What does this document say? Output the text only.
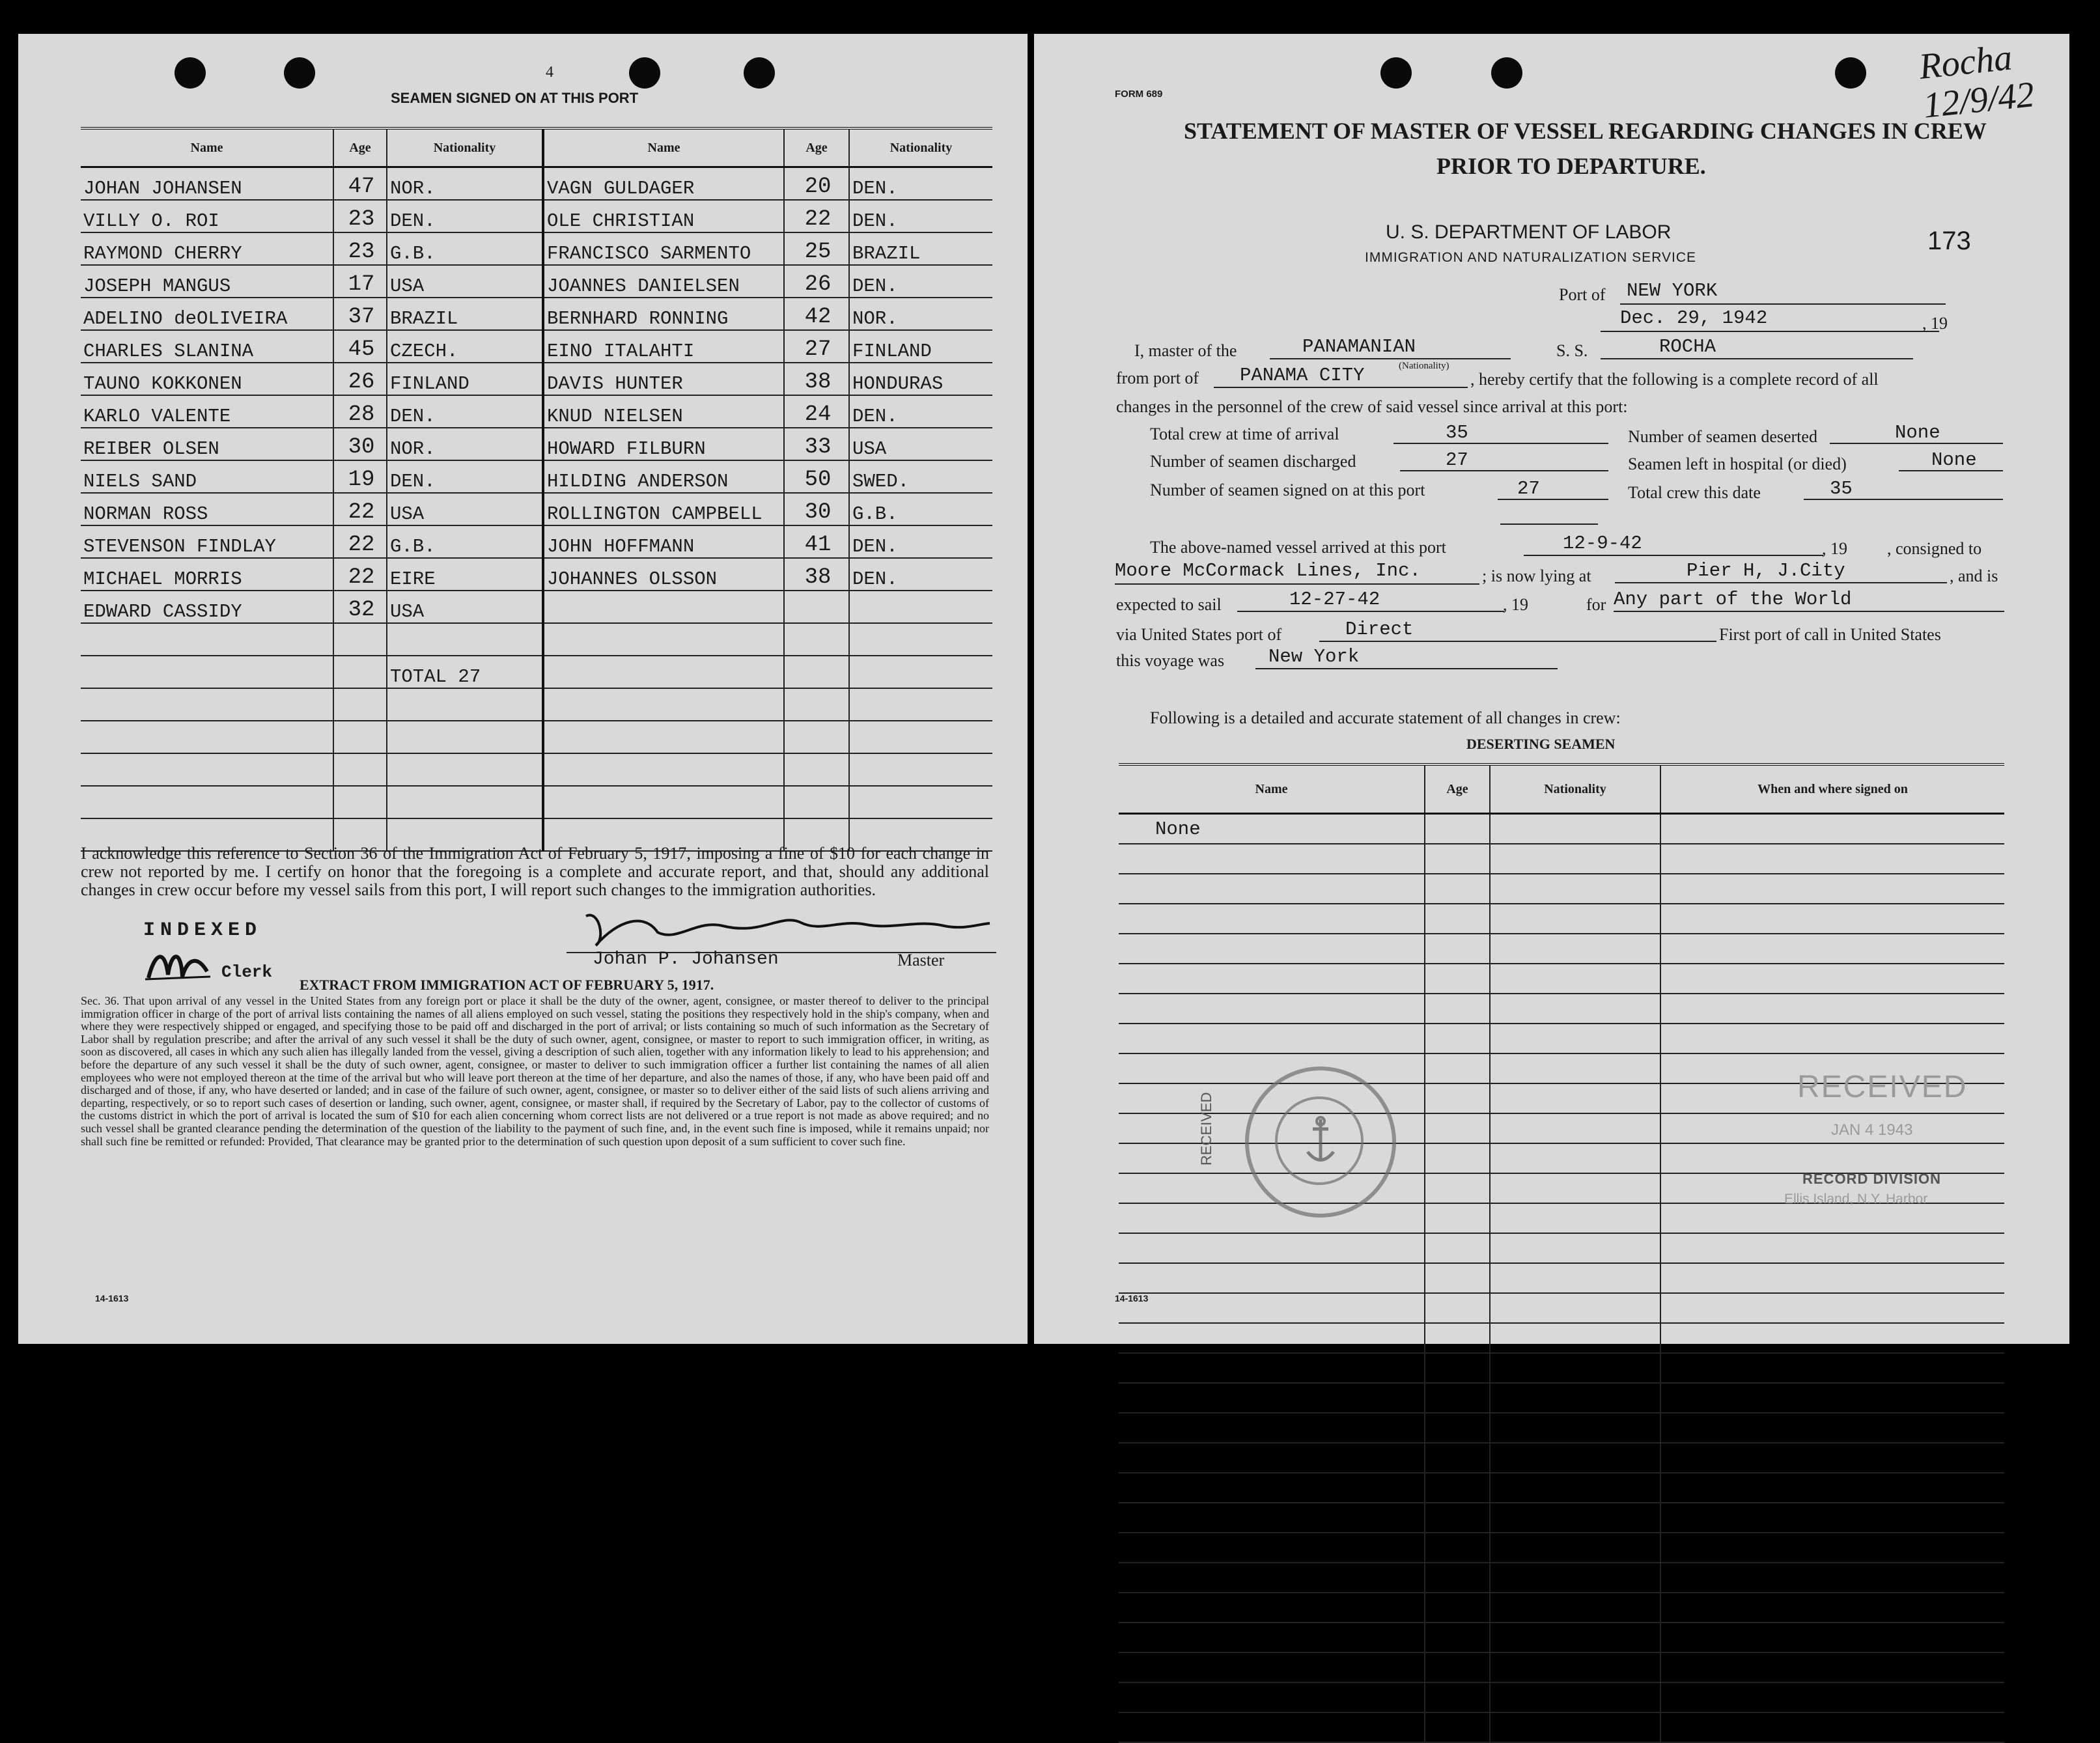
4
SEAMEN SIGNED ON AT THIS PORT
Name	Age	Nationality	Name	Age	Nationality
JOHAN JOHANSEN	47	NOR.	VAGN GULDAGER	20	DEN.
VILLY O. ROI	23	DEN.	OLE CHRISTIAN	22	DEN.
RAYMOND CHERRY	23	G.B.	FRANCISCO SARMENTO	25	BRAZIL
JOSEPH MANGUS	17	USA	JOANNES DANIELSEN	26	DEN.
ADELINO deOLIVEIRA	37	BRAZIL	BERNHARD RONNING	42	NOR.
CHARLES SLANINA	45	CZECH.	EINO ITALAHTI	27	FINLAND
TAUNO KOKKONEN	26	FINLAND	DAVIS HUNTER	38	HONDURAS
KARLO VALENTE	28	DEN.	KNUD NIELSEN	24	DEN.
REIBER OLSEN	30	NOR.	HOWARD FILBURN	33	USA
NIELS SAND	19	DEN.	HILDING ANDERSON	50	SWED.
NORMAN ROSS	22	USA	ROLLINGTON CAMPBELL	30	G.B.
STEVENSON FINDLAY	22	G.B.	JOHN HOFFMANN	41	DEN.
MICHAEL MORRIS	22	EIRE	JOHANNES OLSSON	38	DEN.
EDWARD CASSIDY	32	USA			

		TOTAL 27			

I acknowledge this reference to Section 36 of the Immigration Act of February 5, 1917, imposing a fine of $10 for each change in crew not reported by me. I certify on honor that the foregoing is a complete and accurate report, and that, should any additional changes in crew occur before my vessel sails from this port, I will report such changes to the immigration authorities.
INDEXED
Clerk
Johan P. Johansen	Master
EXTRACT FROM IMMIGRATION ACT OF FEBRUARY 5, 1917.
Sec. 36. That upon arrival of any vessel in the United States from any foreign port or place it shall be the duty of the owner, agent, consignee, or master thereof to deliver to the principal immigration officer in charge of the port of arrival lists containing the names of all aliens employed on such vessel, stating the positions they respectively hold in the ship's company, when and where they were respectively shipped or engaged, and specifying those to be paid off and discharged in the port of arrival; or lists containing so much of such information as the Secretary of Labor shall by regulation prescribe; and after the arrival of any such vessel it shall be the duty of such owner, agent, consignee, or master to report to such immigration officer, in writing, as soon as discovered, all cases in which any such alien has illegally landed from the vessel, giving a description of such alien, together with any information likely to lead to his apprehension; and before the departure of any such vessel it shall be the duty of such owner, agent, consignee, or master to deliver to such immigration officer a further list containing the names of all alien employees who were not employed thereon at the time of the arrival but who will leave port thereon at the time of her departure, and also the names of those, if any, who have been paid off and discharged and of those, if any, who have deserted or landed; and in case of the failure of such owner, agent, consignee, or master so to deliver either of the said lists of such aliens arriving and departing, respectively, or so to report such cases of desertion or landing, such owner, agent, consignee, or master shall, if required by the Secretary of Labor, pay to the collector of customs of the customs district in which the port of arrival is located the sum of $10 for each alien concerning whom correct lists are not delivered or a true report is not made as above required; and no such vessel shall be granted clearance pending the determination of the question of the liability to the payment of such fine, and, in the event such fine is imposed, while it remains unpaid; nor shall such fine be remitted or refunded: Provided, That clearance may be granted prior to the determination of such question upon deposit of a sum sufficient to cover such fine.
14-1613
FORM 689
Rocha 12/9/42
STATEMENT OF MASTER OF VESSEL REGARDING CHANGES IN CREW
PRIOR TO DEPARTURE.
U. S. DEPARTMENT OF LABOR
IMMIGRATION AND NATURALIZATION SERVICE
173
Port of	NEW YORK
Dec. 29, 1942	, 19
I, master of the	PANAMANIAN
(Nationality)
S. S.	ROCHA
from port of	PANAMA CITY	, hereby certify that the following is a complete record of all
changes in the personnel of the crew of said vessel since arrival at this port:
Total crew at time of arrival	35	Number of seamen deserted	None
Number of seamen discharged	27	Seamen left in hospital (or died)	None
Number of seamen signed on at this port	27	Total crew this date	35
The above-named vessel arrived at this port	12-9-42	, 19 , consigned to
Moore McCormack Lines, Inc.	; is now lying at	Pier H, J.City	, and is
expected to sail	12-27-42	, 19	for Any part of the World
via United States port of	Direct	First port of call in United States
this voyage was	New York
Following is a detailed and accurate statement of all changes in crew:
DESERTING SEAMEN
Name	Age	Nationality	When and where signed on
None			

RECEIVED
RECEIVED
JAN 4 1943
RECORD DIVISION
Ellis Island, N.Y. Harbor
14-1613
